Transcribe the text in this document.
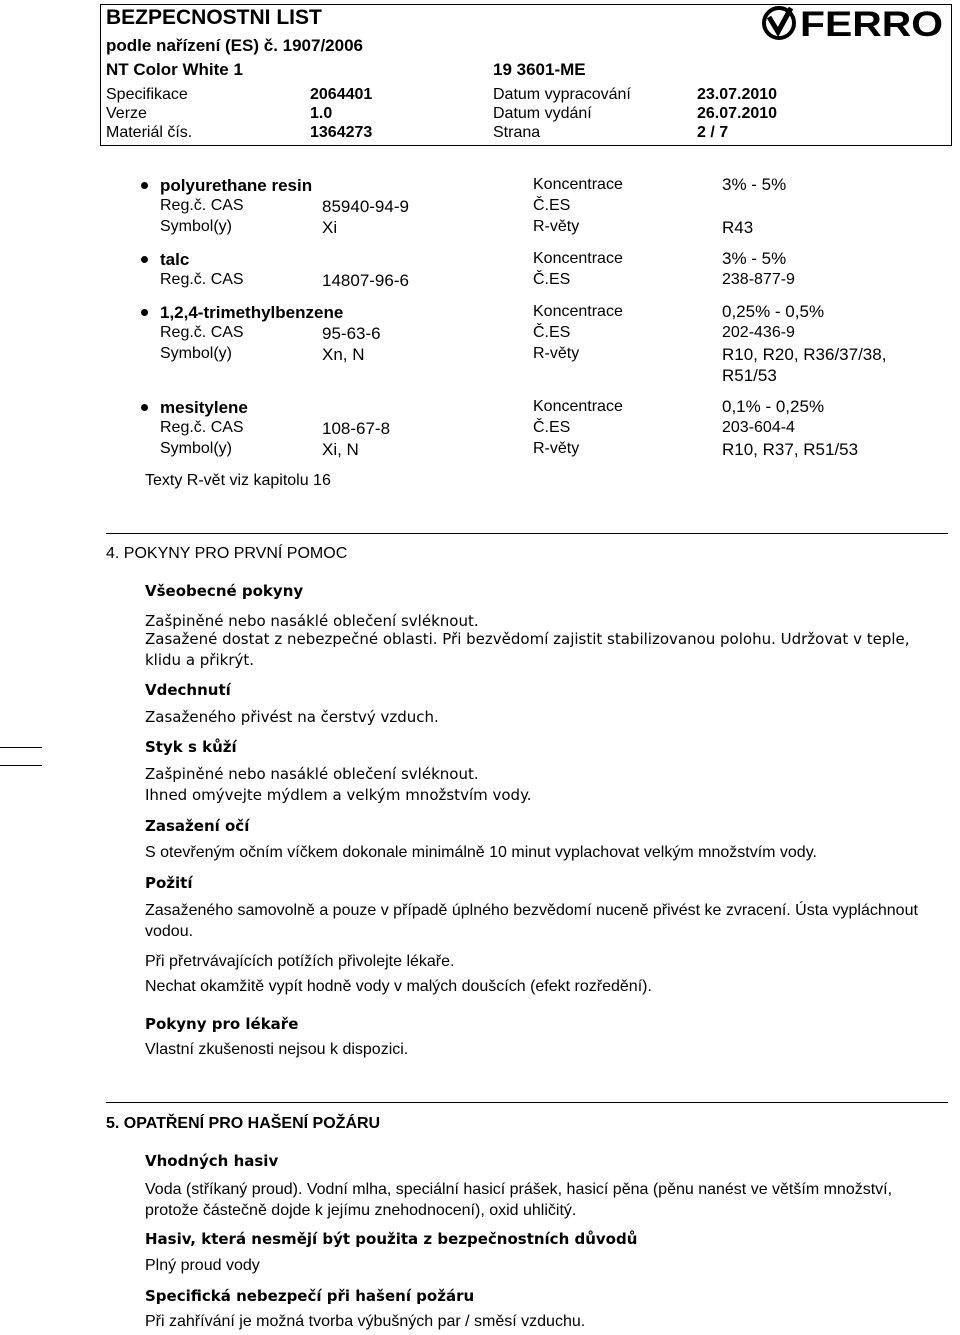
BEZPECNOSTNI LIST
podle nařízení (ES) č. 1907/2006
NT Color White 1	19 3601-ME
Specifikace	2064401	Datum vypracování	23.07.2010
Verze	1.0	Datum vydání	26.07.2010
Materiál čís.	1364273	Strana	2 / 7
FERRO
polyurethane resin	Koncentrace	3% - 5%
Reg.č. CAS	85940-94-9	Č.ES
Symbol(y)	Xi	R-věty	R43
talc	Koncentrace	3% - 5%
Reg.č. CAS	14807-96-6	Č.ES	238-877-9
1,2,4-trimethylbenzene	Koncentrace	0,25% - 0,5%
Reg.č. CAS	95-63-6	Č.ES	202-436-9
Symbol(y)	Xn, N	R-věty	R10, R20, R36/37/38,
R51/53
mesitylene	Koncentrace	0,1% - 0,25%
Reg.č. CAS	108-67-8	Č.ES	203-604-4
Symbol(y)	Xi, N	R-věty	R10, R37, R51/53
Texty R-vět viz kapitolu 16
4. POKYNY PRO PRVNÍ POMOC
Všeobecné pokyny
Zašpiněné nebo nasáklé oblečení svléknout.
Zasažené dostat z nebezpečné oblasti. Při bezvědomí zajistit stabilizovanou polohu. Udržovat v teple, klidu a přikrýt.
Vdechnutí
Zasaženého přivést na čerstvý vzduch.
Styk s kůží
Zašpiněné nebo nasáklé oblečení svléknout.
Ihned omývejte mýdlem a velkým množstvím vody.
Zasažení očí
S otevřeným očním víčkem dokonale minimálně 10 minut vyplachovat velkým množstvím vody.
Požití
Zasaženého samovolně a pouze v případě úplného bezvědomí nuceně přivést ke zvracení. Ústa vypláchnout vodou.
Při přetrvávajících potížích přivolejte lékaře.
Nechat okamžitě vypít hodně vody v malých doušcích (efekt rozředění).
Pokyny pro lékaře
Vlastní zkušenosti nejsou k dispozici.
5. OPATŘENÍ PRO HAŠENÍ POŽÁRU
Vhodných hasiv
Voda (stříkaný proud). Vodní mlha, speciální hasicí prášek, hasicí pěna (pěnu nanést ve větším množství, protože částečně dojde k jejímu znehodnocení), oxid uhličitý.
Hasiv, která nesmějí být použita z bezpečnostních důvodů
Plný proud vody
Specifická nebezpečí při hašení požáru
Při zahřívání je možná tvorba výbušných par / směsí vzduchu.
